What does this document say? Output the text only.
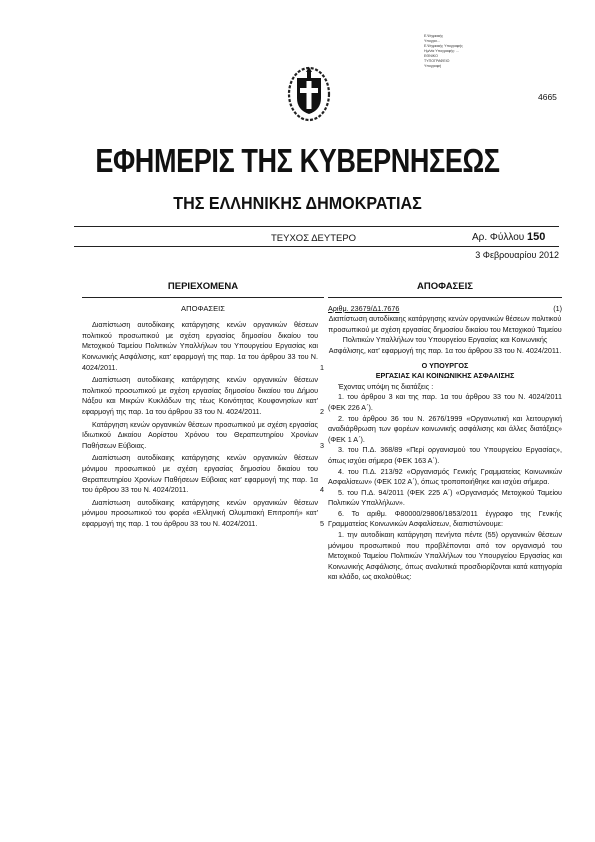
Ε.Ψηφιακής
Υπογρα...
Ε.Ψηφιακής Υπογραφής
Ημ/νία Υπογραφής: ...
ΕΘΝΙΚΟ
ΤΥΠΟΓΡΑΦΕΙΟ
Υπογραφή
4665
ΕΦΗΜΕΡΙΣ ΤΗΣ ΚΥΒΕΡΝΗΣΕΩΣ
ΤΗΣ ΕΛΛΗΝΙΚΗΣ ΔΗΜΟΚΡΑΤΙΑΣ
ΤΕΥΧΟΣ ΔΕΥΤΕΡΟ	Αρ. Φύλλου 150
3 Φεβρουαρίου 2012
ΠΕΡΙΕΧΟΜΕΝΑ
ΑΠΟΦΑΣΕΙΣ
Διαπίστωση αυτοδίκαιης κατάργησης κενών οργανικών θέσεων πολιτικού προσωπικού με σχέση εργασίας δημοσίου δικαίου του Μετοχικού Ταμείου Πολιτικών Υπαλλήλων του Υπουργείου Εργασίας και Κοινωνικής Ασφάλισης, κατ' εφαρμογή της παρ. 1α του άρθρου 33 του Ν. 4024/2011.	1
Διαπίστωση αυτοδίκαιης κατάργησης κενών οργανικών θέσεων πολιτικού προσωπικού με σχέση εργασίας δημοσίου δικαίου του Δήμου Νάξου και Μικρών Κυκλάδων της τέως Κοινότητας Κουφονησίων κατ' εφαρμογή της παρ. 1α του άρθρου 33 του Ν. 4024/2011.	2
Κατάργηση κενών οργανικών θέσεων προσωπικού με σχέση εργασίας Ιδιωτικού Δικαίου Αορίστου Χρόνου του Θεραπευτηρίου Χρονίων Παθήσεων Εύβοιας.	3
Διαπίστωση αυτοδίκαιης κατάργησης κενών οργανικών θέσεων μόνιμου προσωπικού με σχέση εργασίας δημοσίου δικαίου του Θεραπευτηρίου Χρονίων Παθήσεων Εύβοιας κατ' εφαρμογή της παρ. 1α του άρθρου 33 του Ν. 4024/2011.	4
Διαπίστωση αυτοδίκαιης κατάργησης κενών οργανικών θέσεων μόνιμου προσωπικού του φορέα «Ελληνική Ολυμπιακή Επιτροπή» κατ' εφαρμογή της παρ. 1 του άρθρου 33 του Ν. 4024/2011.	5
ΑΠΟΦΑΣΕΙΣ
Αριθμ. 23679/Δ1.7676	(1)
Διαπίστωση αυτοδίκαιης κατάργησης κενών οργανικών θέσεων πολιτικού προσωπικού με σχέση εργασίας δημοσίου δικαίου του Μετοχικού Ταμείου Πολιτικών Υπαλλήλων του Υπουργείου Εργασίας και Κοινωνικής Ασφάλισης, κατ' εφαρμογή της παρ. 1α του άρθρου 33 του Ν. 4024/2011.
Ο ΥΠΟΥΡΓΟΣ
ΕΡΓΑΣΙΑΣ ΚΑΙ ΚΟΙΝΩΝΙΚΗΣ ΑΣΦΑΛΙΣΗΣ
Έχοντας υπόψη τις διατάξεις :
1. του άρθρου 3 και της παρ. 1α του άρθρου 33 του Ν. 4024/2011 (ΦΕΚ 226 Α΄).
2. του άρθρου 36 του Ν. 2676/1999 «Οργανωτική και λειτουργική αναδιάρθρωση των φορέων κοινωνικής ασφάλισης και άλλες διατάξεις» (ΦΕΚ 1 Α΄).
3. του Π.Δ. 368/89 «Περί οργανισμού του Υπουργείου Εργασίας», όπως ισχύει σήμερα (ΦΕΚ 163 Α΄).
4. του Π.Δ. 213/92 «Οργανισμός Γενικής Γραμματείας Κοινωνικών Ασφαλίσεων» (ΦΕΚ 102 Α΄), όπως τροποποιήθηκε και ισχύει σήμερα.
5. του Π.Δ. 94/2011 (ΦΕΚ 225 Α΄) «Οργανισμός Μετοχικού Ταμείου Πολιτικών Υπαλλήλων».
6. Το αριθμ. Φ80000/29806/1853/2011 έγγραφο της Γενικής Γραμματείας Κοινωνικών Ασφαλίσεων, διαπιστώνουμε:
1. την αυτοδίκαιη κατάργηση πενήντα πέντε (55) οργανικών θέσεων μόνιμου προσωπικού που προβλέπονται από τον οργανισμό του Μετοχικού Ταμείου Πολιτικών Υπαλλήλων του Υπουργείου Εργασίας και Κοινωνικής Ασφάλισης, όπως αναλυτικά προσδιορίζονται κατά κατηγορία και κλάδο, ως ακολούθως:
